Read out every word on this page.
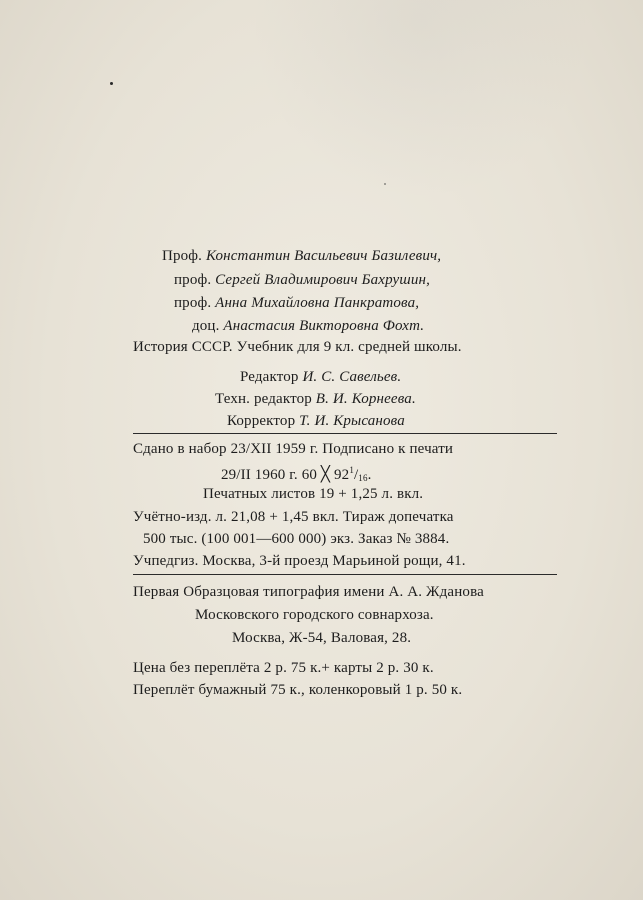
Проф. Константин Васильевич Базилевич,
проф. Сергей Владимирович Бахрушин,
проф. Анна Михайловна Панкратова,
доц. Анастасия Викторовна Фохт.
История СССР. Учебник для 9 кл. средней школы.
Редактор И. С. Савельев.
Техн. редактор В. И. Корнеева.
Корректор Т. И. Крысанова
Сдано в набор 23/XII 1959 г. Подписано к печати
29/II 1960 г. 60 ╳ $92^1/_{16}$.
Печатных листов 19 + 1,25 л. вкл.
Учётно-изд. л. 21,08 + 1,45 вкл. Тираж допечатка
500 тыс. (100 001—600 000) экз. Заказ № 3884.
Учпедгиз. Москва, 3-й проезд Марьиной рощи, 41.
Первая Образцовая типография имени А. А. Жданова
Московского городского совнархоза.
Москва, Ж-54, Валовая, 28.
Цена без переплёта 2 р. 75 к.+ карты 2 р. 30 к.
Переплёт бумажный 75 к., коленкоровый 1 р. 50 к.
